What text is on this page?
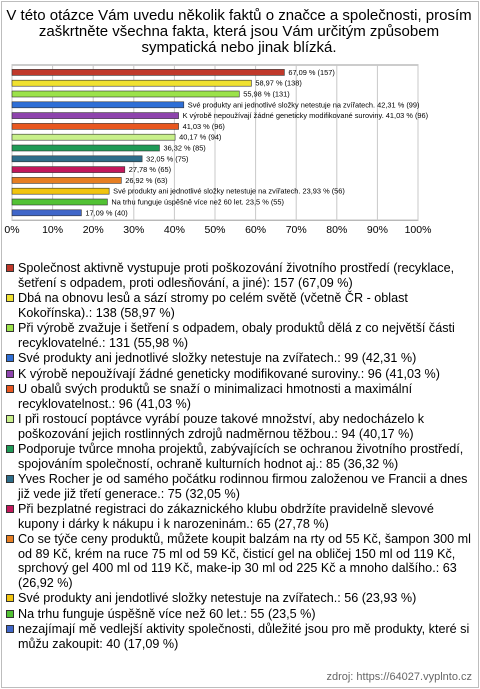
V této otázce Vám uvedu několik faktů o značce a společnosti, prosím zaškrtněte všechna fakta, která jsou Vám určitým způsobem sympatická nebo jinak blízká.
0% 10% 20% 30% 40% 50% 60% 70% 80% 90% 100%
67,09 % (157)
58,97 % (138)
55,98 % (131)
Své produkty ani jednotlivé složky netestuje na zvířatech. 42,31 % (99)
K výrobě nepoužívají žádné geneticky modifikované suroviny. 41,03 % (96)
41,03 % (96)
40,17 % (94)
36,32 % (85)
32,05 % (75)
27,78 % (65)
26,92 % (63)
Své produkty ani jednotlivé složky netestuje na zvířatech. 23,93 % (56)
Na trhu funguje úspěšně více než 60 let. 23,5 % (55)
17,09 % (40)
Společnost aktivně vystupuje proti poškozování životního prostředí (recyklace, šetření s odpadem, proti odlesňování, a jiné): 157 (67,09 %)
Dbá na obnovu lesů a sází stromy po celém světě (včetně ČR - oblast Kokořínska).: 138 (58,97 %)
Při výrobě zvažuje i šetření s odpadem, obaly produktů dělá z co největší části recyklovatelné.: 131 (55,98 %)
Své produkty ani jednotlivé složky netestuje na zvířatech.: 99 (42,31 %)
K výrobě nepoužívají žádné geneticky modifikované suroviny.: 96 (41,03 %)
U obalů svých produktů se snaží o minimalizaci hmotnosti a maximální recyklovatelnost.: 96 (41,03 %)
I při rostoucí poptávce vyrábí pouze takové množství, aby nedocházelo k poškozování jejich rostlinných zdrojů nadměrnou těžbou.: 94 (40,17 %)
Podporuje tvůrce mnoha projektů, zabývajících se ochranou životního prostředí, spojováním společností, ochraně kulturních hodnot aj.: 85 (36,32 %)
Yves Rocher je od samého počátku rodinnou firmou založenou ve Francii a dnes již vede již třetí generace.: 75 (32,05 %)
Při bezplatné registraci do zákaznického klubu obdržíte pravidelně slevové kupony i dárky k nákupu i k narozeninám.: 65 (27,78 %)
Co se týče ceny produktů, můžete koupit balzám na rty od 55 Kč, šampon 300 ml od 89 Kč, krém na ruce 75 ml od 59 Kč, čisticí gel na obličej 150 ml od 119 Kč, sprchový gel 400 ml od 119 Kč, make-ip 30 ml od 225 Kč a mnoho dalšího.: 63 (26,92 %)
Své produkty ani jendotlivé složky netestuje na zvířatech.: 56 (23,93 %)
Na trhu funguje úspěšně více než 60 let.: 55 (23,5 %)
nezajímají mě vedlejší aktivity společnosti, důležité jsou pro mě produkty, které si můžu zakoupit: 40 (17,09 %)
zdroj: https://64027.vyplnto.cz
